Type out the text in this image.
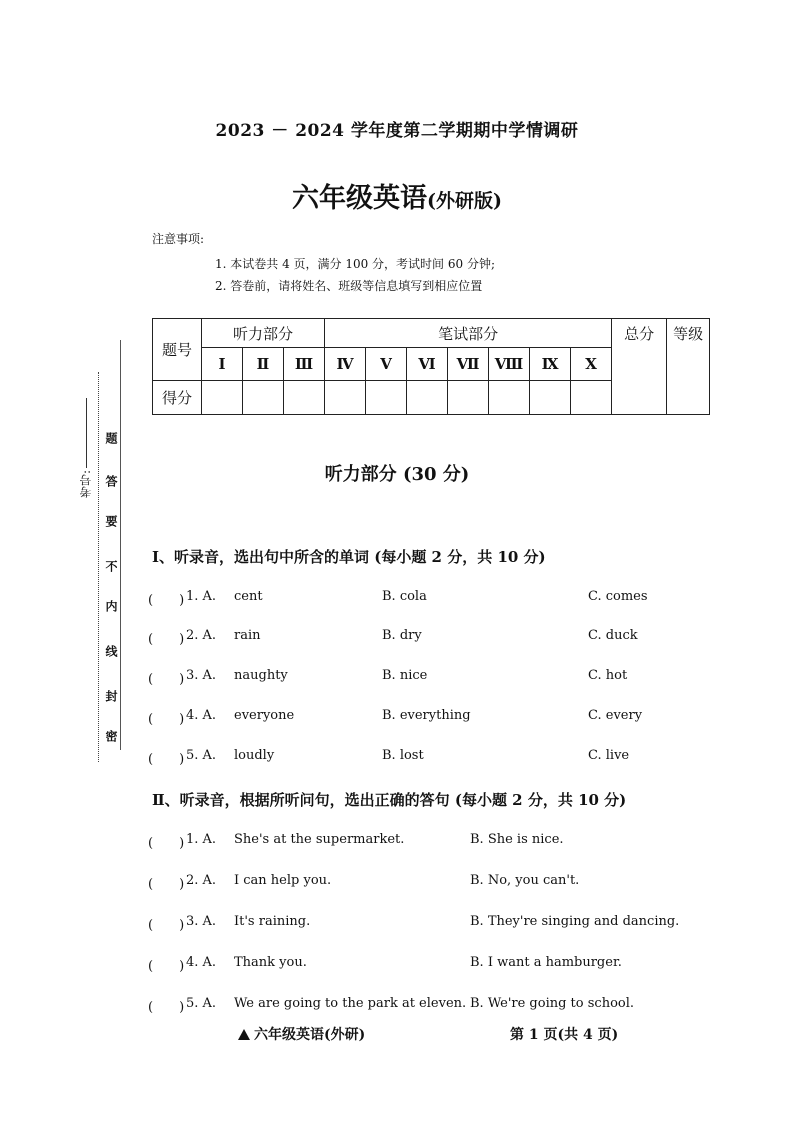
2023 － 2024 学年度第二学期期中学情调研
六年级英语(外研版)
注意事项:
1. 本试卷共 4 页，满分 100 分，考试时间 60 分钟;
2. 答卷前，请将姓名、班级等信息填写到相应位置
题号	听力部分			笔试部分							总分	等级
	Ⅰ	Ⅱ	Ⅲ	Ⅳ	Ⅴ	Ⅵ	Ⅶ	Ⅷ	Ⅸ	Ⅹ		
得分												
考号:
密
封
线
内
不
要
答
题
听力部分 (30 分)
Ⅰ、听录音，选出句中所含的单词 (每小题 2 分，共 10 分)
(　　) 1. A. cent	B. cola	C. comes
(　　) 2. A. rain	B. dry	C. duck
(　　) 3. A. naughty	B. nice	C. hot
(　　) 4. A. everyone	B. everything	C. every
(　　) 5. A. loudly	B. lost	C. live
Ⅱ、听录音，根据所听问句，选出正确的答句 (每小题 2 分，共 10 分)
(　　) 1. A. She's at the supermarket.	B. She is nice.
(　　) 2. A. I can help you.	B. No, you can't.
(　　) 3. A. It's raining.	B. They're singing and dancing.
(　　) 4. A. Thank you.	B. I want a hamburger.
(　　) 5. A. We are going to the park at eleven. B. We're going to school.
六年级英语(外研)	第 1 页(共 4 页)
